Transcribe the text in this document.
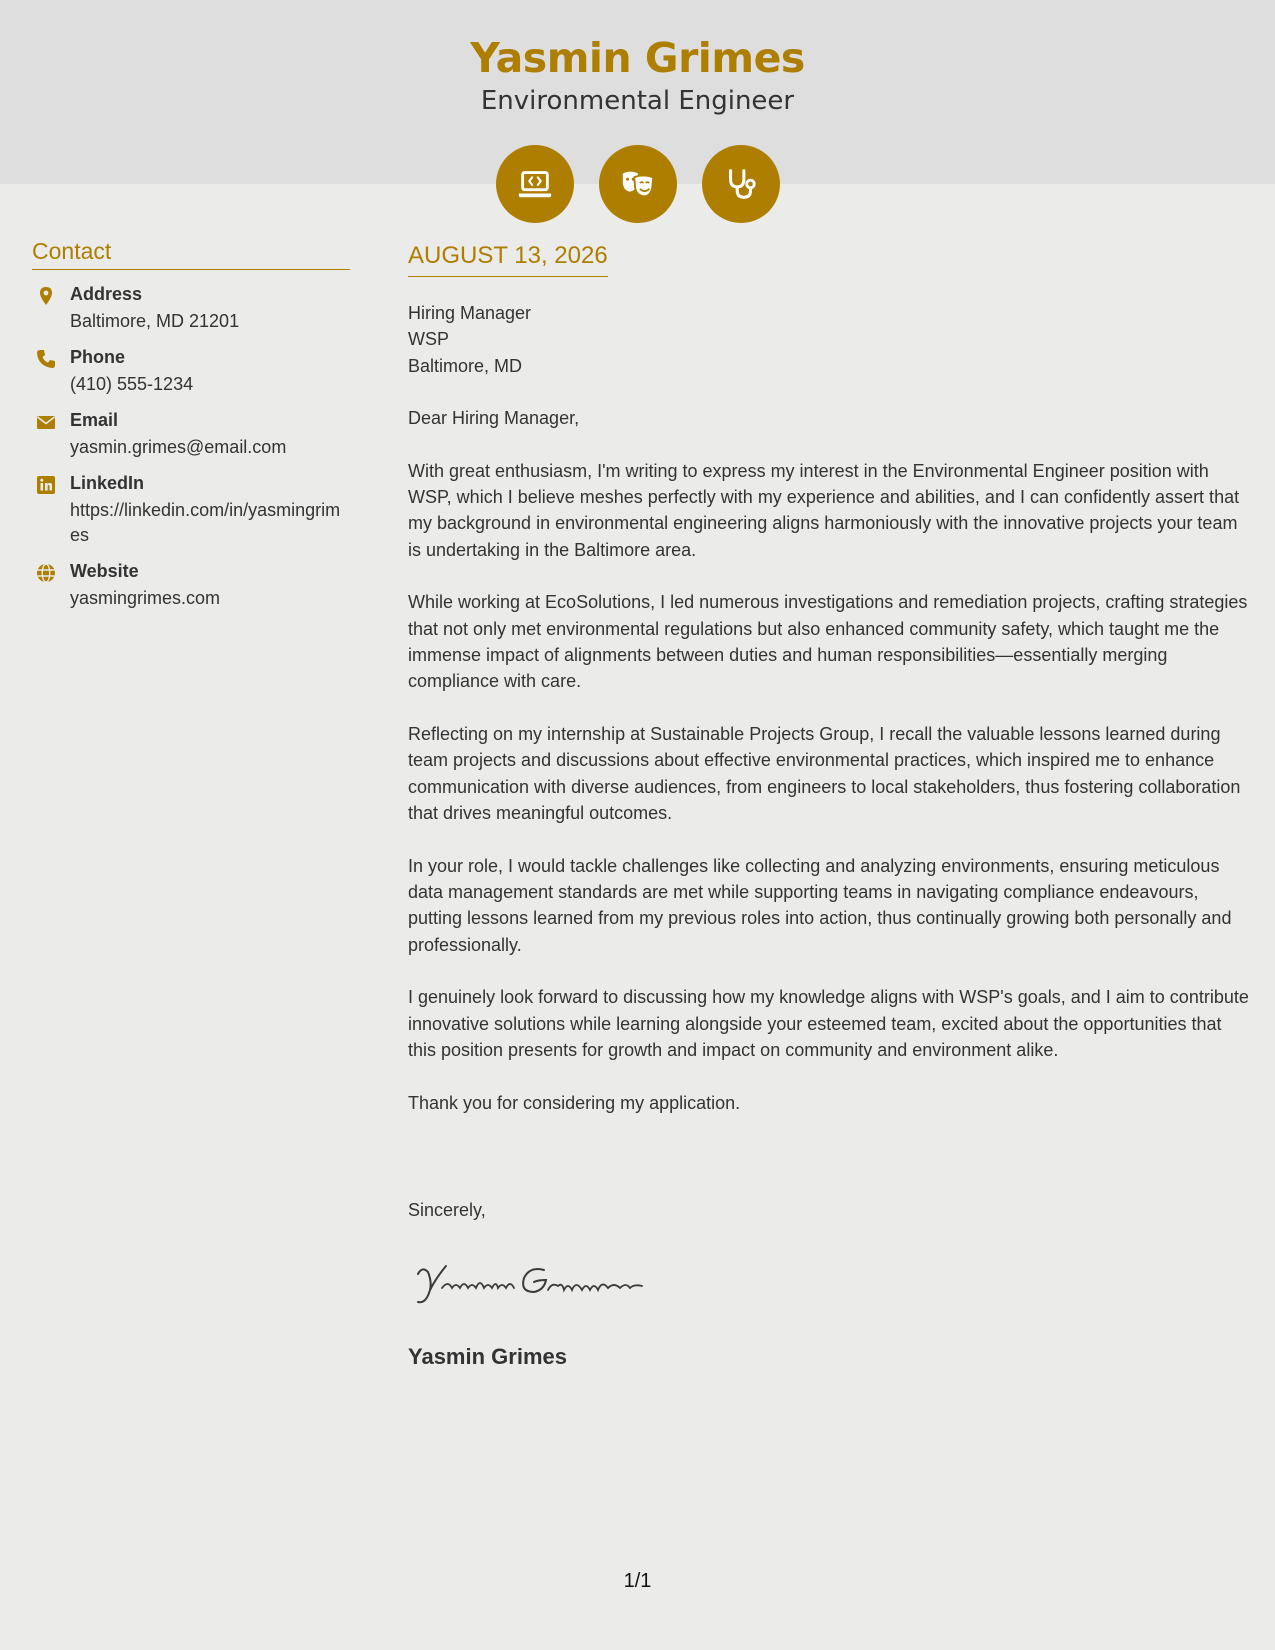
Yasmin Grimes
Environmental Engineer
Contact
Address
Baltimore, MD 21201
Phone
(410) 555-1234
Email
yasmin.grimes@email.com
LinkedIn
https://linkedin.com/in/yasmingrimes
Website
yasmingrimes.com
AUGUST 13, 2026
Hiring Manager
WSP
Baltimore, MD

Dear Hiring Manager,

With great enthusiasm, I'm writing to express my interest in the Environmental Engineer position with WSP, which I believe meshes perfectly with my experience and abilities, and I can confidently assert that my background in environmental engineering aligns harmoniously with the innovative projects your team is undertaking in the Baltimore area.

While working at EcoSolutions, I led numerous investigations and remediation projects, crafting strategies that not only met environmental regulations but also enhanced community safety, which taught me the immense impact of alignments between duties and human responsibilities—essentially merging compliance with care.

Reflecting on my internship at Sustainable Projects Group, I recall the valuable lessons learned during team projects and discussions about effective environmental practices, which inspired me to enhance communication with diverse audiences, from engineers to local stakeholders, thus fostering collaboration that drives meaningful outcomes.

In your role, I would tackle challenges like collecting and analyzing environments, ensuring meticulous data management standards are met while supporting teams in navigating compliance endeavours, putting lessons learned from my previous roles into action, thus continually growing both personally and professionally.

I genuinely look forward to discussing how my knowledge aligns with WSP's goals, and I aim to contribute innovative solutions while learning alongside your esteemed team, excited about the opportunities that this position presents for growth and impact on community and environment alike.

Thank you for considering my application.

Sincerely,
Yasmin Grimes
1/1
